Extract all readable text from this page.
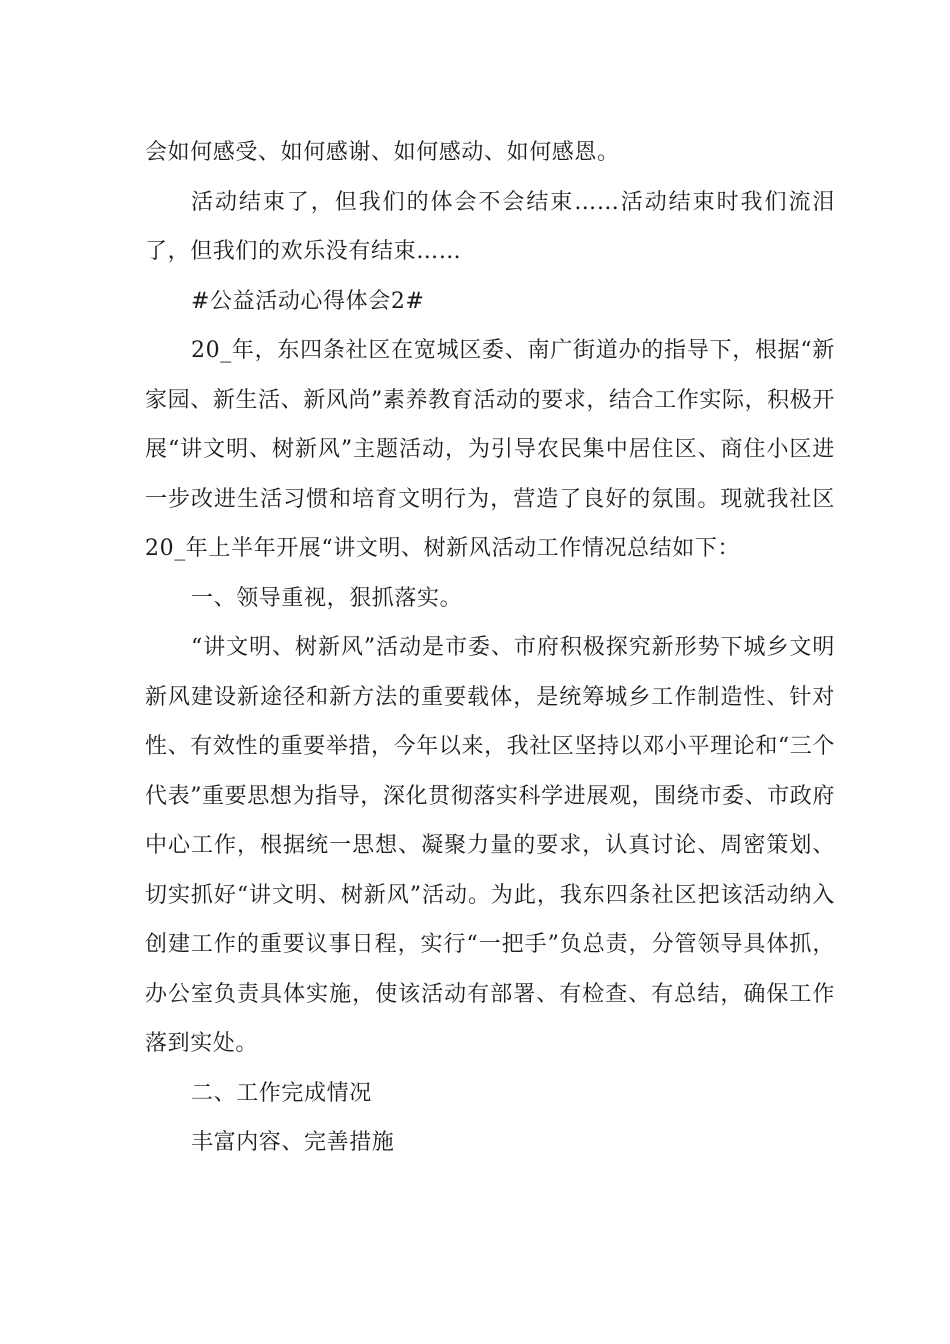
会如何感受、如何感谢、如何感动、如何感恩。

活动结束了，但我们的体会不会结束……活动结束时我们流泪了，但我们的欢乐没有结束……

#公益活动心得体会2#

20_年，东四条社区在宽城区委、南广街道办的指导下，根据“新家园、新生活、新风尚”素养教育活动的要求，结合工作实际，积极开展“讲文明、树新风”主题活动，为引导农民集中居住区、商住小区进一步改进生活习惯和培育文明行为，营造了良好的氛围。现就我社区20_年上半年开展“讲文明、树新风活动工作情况总结如下：

一、领导重视，狠抓落实。

“讲文明、树新风”活动是市委、市府积极探究新形势下城乡文明新风建设新途径和新方法的重要载体，是统筹城乡工作制造性、针对性、有效性的重要举措，今年以来，我社区坚持以邓小平理论和“三个代表”重要思想为指导，深化贯彻落实科学进展观，围绕市委、市政府中心工作，根据统一思想、凝聚力量的要求，认真讨论、周密策划、切实抓好“讲文明、树新风”活动。为此，我东四条社区把该活动纳入创建工作的重要议事日程，实行“一把手”负总责，分管领导具体抓，办公室负责具体实施，使该活动有部署、有检查、有总结，确保工作落到实处。

二、工作完成情况

丰富内容、完善措施
